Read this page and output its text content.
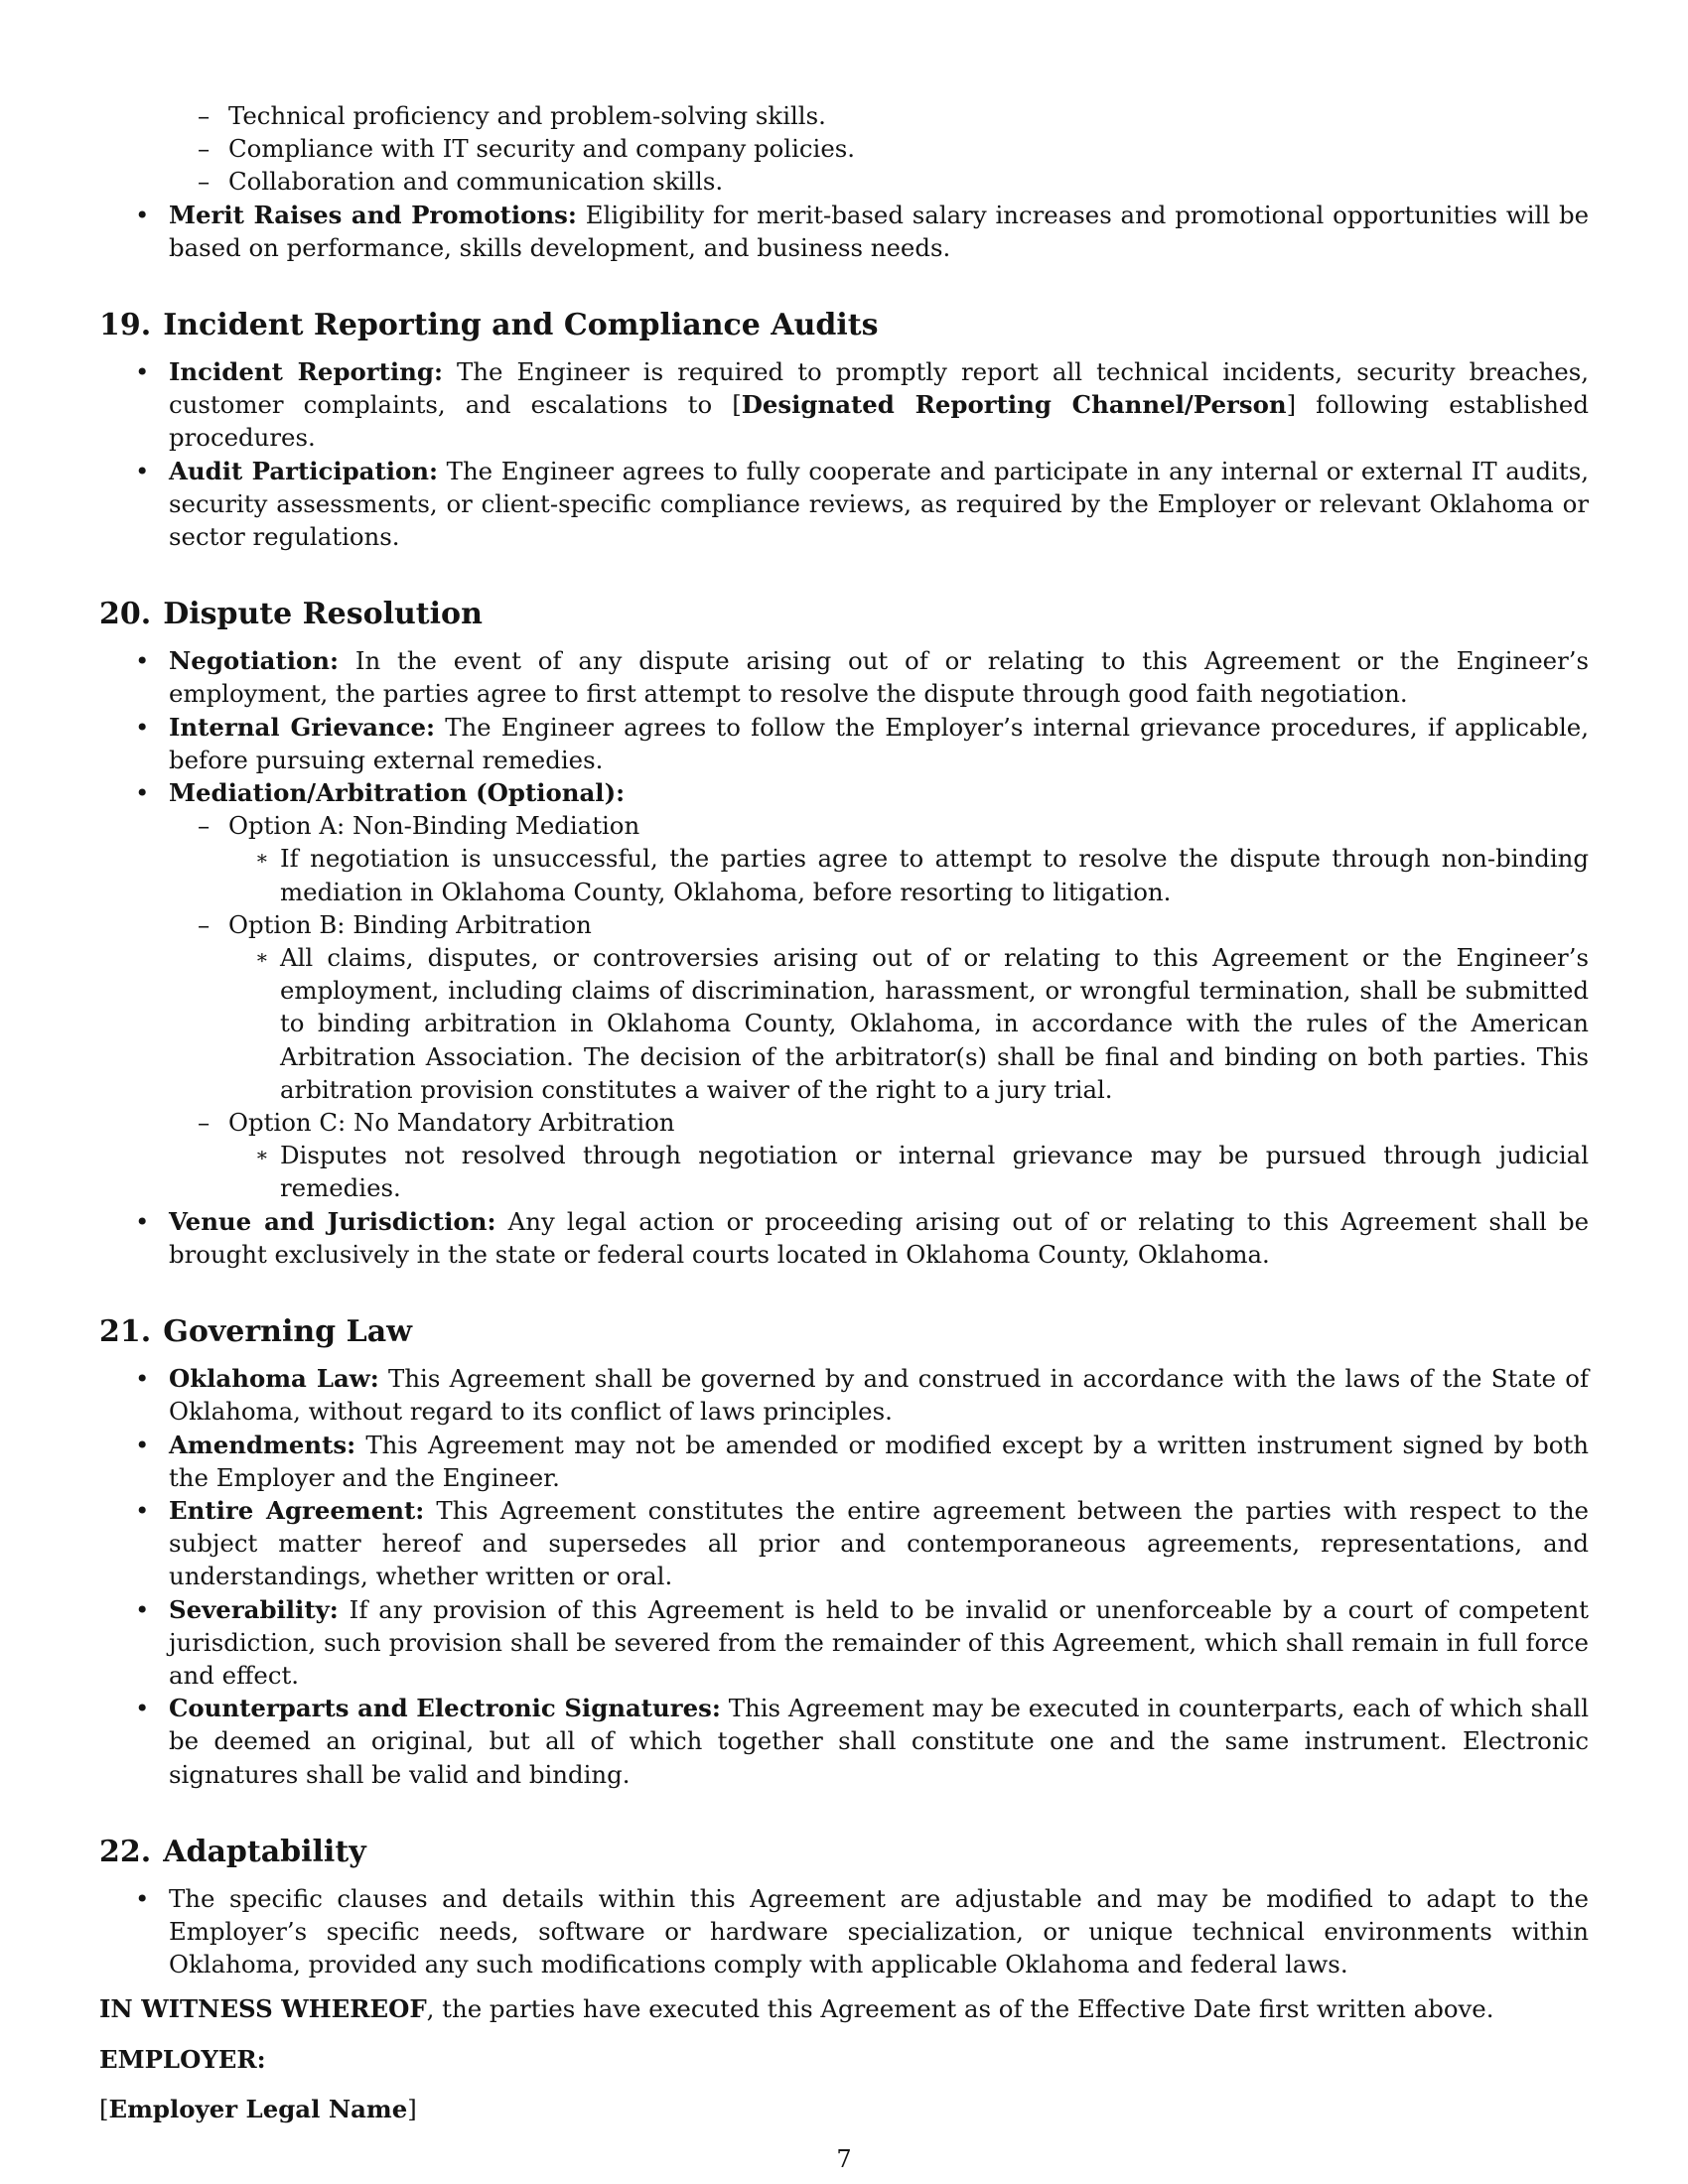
– Technical proficiency and problem-solving skills.
– Compliance with IT security and company policies.
– Collaboration and communication skills.
• Merit Raises and Promotions: Eligibility for merit-based salary increases and promotional opportunities will be based on performance, skills development, and business needs.
19. Incident Reporting and Compliance Audits
• Incident Reporting: The Engineer is required to promptly report all technical incidents, security breaches, customer complaints, and escalations to [Designated Reporting Channel/Person] following established procedures.
• Audit Participation: The Engineer agrees to fully cooperate and participate in any internal or external IT audits, security assessments, or client-specific compliance reviews, as required by the Employer or relevant Oklahoma or sector regulations.
20. Dispute Resolution
• Negotiation: In the event of any dispute arising out of or relating to this Agreement or the Engineer’s employment, the parties agree to first attempt to resolve the dispute through good faith negotiation.
• Internal Grievance: The Engineer agrees to follow the Employer’s internal grievance procedures, if applicable, before pursuing external remedies.
• Mediation/Arbitration (Optional):
– Option A: Non-Binding Mediation
∗ If negotiation is unsuccessful, the parties agree to attempt to resolve the dispute through non-binding mediation in Oklahoma County, Oklahoma, before resorting to litigation.
– Option B: Binding Arbitration
∗ All claims, disputes, or controversies arising out of or relating to this Agreement or the Engineer’s employment, including claims of discrimination, harassment, or wrongful termination, shall be submitted to binding arbitration in Oklahoma County, Oklahoma, in accordance with the rules of the American Arbitration Association. The decision of the arbitrator(s) shall be final and binding on both parties. This arbitration provision constitutes a waiver of the right to a jury trial.
– Option C: No Mandatory Arbitration
∗ Disputes not resolved through negotiation or internal grievance may be pursued through judicial remedies.
• Venue and Jurisdiction: Any legal action or proceeding arising out of or relating to this Agreement shall be brought exclusively in the state or federal courts located in Oklahoma County, Oklahoma.
21. Governing Law
• Oklahoma Law: This Agreement shall be governed by and construed in accordance with the laws of the State of Oklahoma, without regard to its conflict of laws principles.
• Amendments: This Agreement may not be amended or modified except by a written instrument signed by both the Employer and the Engineer.
• Entire Agreement: This Agreement constitutes the entire agreement between the parties with respect to the subject matter hereof and supersedes all prior and contemporaneous agreements, representations, and understandings, whether written or oral.
• Severability: If any provision of this Agreement is held to be invalid or unenforceable by a court of competent jurisdiction, such provision shall be severed from the remainder of this Agreement, which shall remain in full force and effect.
• Counterparts and Electronic Signatures: This Agreement may be executed in counterparts, each of which shall be deemed an original, but all of which together shall constitute one and the same instrument. Electronic signatures shall be valid and binding.
22. Adaptability
• The specific clauses and details within this Agreement are adjustable and may be modified to adapt to the Employer’s specific needs, software or hardware specialization, or unique technical environments within Oklahoma, provided any such modifications comply with applicable Oklahoma and federal laws.

IN WITNESS WHEREOF, the parties have executed this Agreement as of the Effective Date first written above.

EMPLOYER:

[Employer Legal Name]

7
